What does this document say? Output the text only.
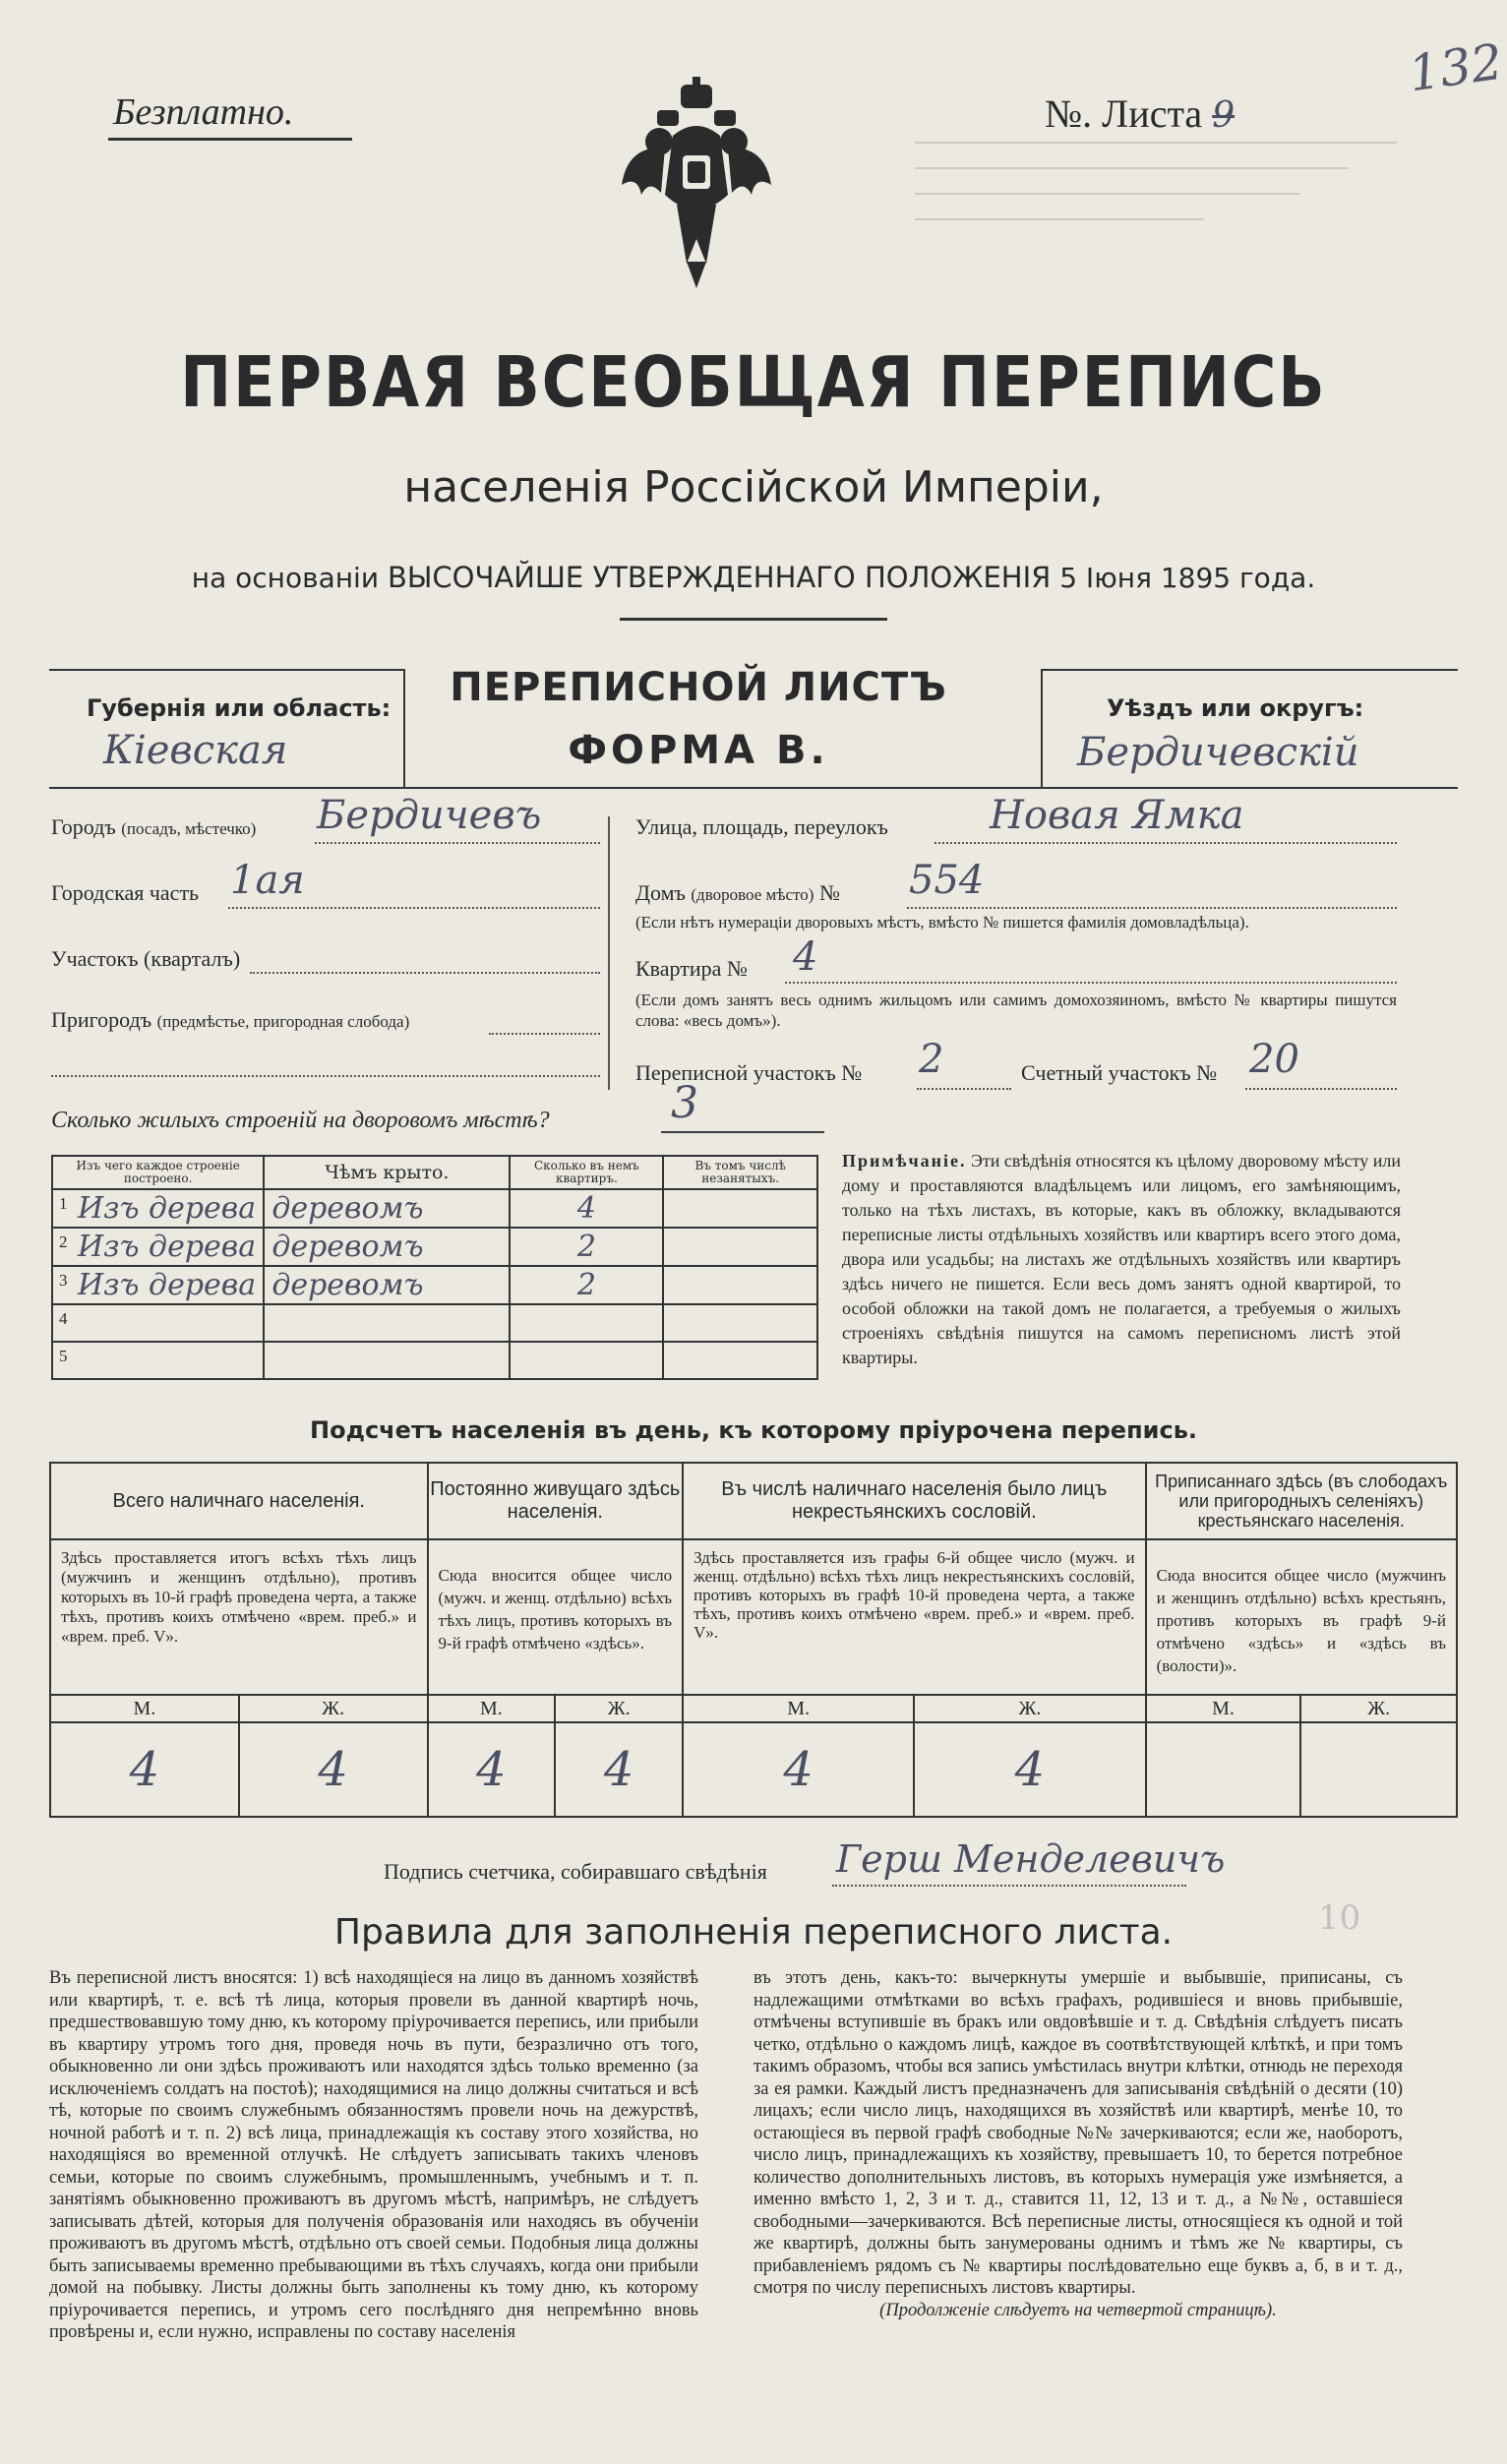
Безплатно.	№. Листа 9
132
ПЕРВАЯ ВСЕОБЩАЯ ПЕРЕПИСЬ
населенія Россійской Имперіи,
на основаніи ВЫСОЧАЙШЕ УТВЕРЖДЕННАГО ПОЛОЖЕНІЯ 5 Іюня 1895 года.
Губернія или область:
Кіевская
ПЕРЕПИСНОЙ ЛИСТЪ
ФОРМА В.
Уѣздъ или округъ:
Бердичевскій
Городъ (посадъ, мѣстечко) Бердичевъ
Городская часть 1ая
Участокъ (кварталъ)
Пригородъ (предмѣстье, пригородная слобода)
Улица, площадь, переулокъ	Новая Ямка
Домъ (дворовое мѣсто) № 554
(Если нѣтъ нумераціи дворовыхъ мѣстъ, вмѣсто № пишется фамилія домовладѣльца).
Квартира № 4
(Если домъ занятъ весь однимъ жильцомъ или самимъ домохозяиномъ, вмѣсто № квартиры пишутся слова: «весь домъ»).
Переписной участокъ № 2	Счетный участокъ № 20
Сколько жилыхъ строеній на дворовомъ мѣстѣ?	3
Изъ чего каждое строеніе построено.	Чѣмъ крыто.	Сколько въ немъ квартиръ.	Въ томъ числѣ незанятыхъ.

1 Изъ дерева	деревомъ	4	

2 Изъ дерева	деревомъ	2	

3 Изъ дерева	деревомъ	2	

4			

5			

Примѣчаніе. Эти свѣдѣнія относятся къ цѣлому дворовому мѣсту или дому и проставляются владѣльцемъ или лицомъ, его замѣняющимъ, только на тѣхъ листахъ, въ которые, какъ въ обложку, вкладываются переписные листы отдѣльныхъ хозяйствъ или квартиръ всего этого дома, двора или усадьбы; на листахъ же отдѣльныхъ хозяйствъ или квартиръ здѣсь ничего не пишется. Если весь домъ занятъ одной квартирой, то особой обложки на такой домъ не полагается, а требуемыя о жилыхъ строеніяхъ свѣдѣнія пишутся на самомъ переписномъ листѣ этой квартиры.
Подсчетъ населенія въ день, къ которому пріурочена перепись.
Всего наличнаго населенія.		Постоянно живущаго здѣсь населенія.		Въ числѣ наличнаго населенія было лицъ некрестьянскихъ сословій.		Приписаннаго здѣсь (въ слободахъ или пригородныхъ селеніяхъ) крестьянскаго населенія.	
Здѣсь проставляется итогъ всѣхъ тѣхъ лицъ (мужчинъ и женщинъ отдѣльно), противъ которыхъ въ 10-й графѣ проведена черта, а также тѣхъ, противъ коихъ отмѣчено «врем. преб.» и «врем. преб. V».		Сюда вносится общее число (мужч. и женщ. отдѣльно) всѣхъ тѣхъ лицъ, противъ которыхъ въ 9-й графѣ отмѣчено «здѣсь».		Здѣсь проставляется изъ графы 6-й общее число (мужч. и женщ. отдѣльно) всѣхъ тѣхъ лицъ некрестьянскихъ сословій, противъ которыхъ въ графѣ 10-й проведена черта, а также тѣхъ, противъ коихъ отмѣчено «врем. преб.» и «врем. преб. V».		Сюда вносится общее число (мужчинъ и женщинъ отдѣльно) всѣхъ крестьянъ, противъ которыхъ въ графѣ 9-й отмѣчено «здѣсь» и «здѣсь въ (волости)».	
М.	Ж.	М.	Ж.	М.	Ж.	М.	Ж.
4	4	4	4	4	4		
Подпись счетчика, собиравшаго свѣдѣнія Герш Менделевичъ
Правила для заполненія переписного листа.
Въ переписной листъ вносятся: 1) всѣ находящіеся на лицо въ данномъ хозяйствѣ или квартирѣ, т. е. всѣ тѣ лица, которыя провели въ данной квартирѣ ночь, предшествовавшую тому дню, къ которому пріурочивается перепись, или прибыли въ квартиру утромъ того дня, проведя ночь въ пути, безразлично отъ того, обыкновенно ли они здѣсь проживаютъ или находятся здѣсь только временно (за исключеніемъ солдатъ на постоѣ); находящимися на лицо должны считаться и всѣ тѣ, которые по своимъ служебнымъ обязанностямъ провели ночь на дежурствѣ, ночной работѣ и т. п. 2) всѣ лица, принадлежащія къ составу этого хозяйства, но находящіяся во временной отлучкѣ. Не слѣдуетъ записывать такихъ членовъ семьи, которые по своимъ служебнымъ, промышленнымъ, учебнымъ и т. п. занятіямъ обыкновенно проживаютъ въ другомъ мѣстѣ, напримѣръ, не слѣдуетъ записывать дѣтей, которыя для полученія образованія или находясь въ обученіи проживаютъ въ другомъ мѣстѣ, отдѣльно отъ своей семьи. Подобныя лица должны быть записываемы временно пребывающими въ тѣхъ случаяхъ, когда они прибыли домой на побывку. Листы должны быть заполнены къ тому дню, къ которому пріурочивается перепись, и утромъ сего послѣдняго дня непремѣнно вновь провѣрены и, если нужно, исправлены по составу населенія
въ этотъ день, какъ-то: вычеркнуты умершіе и выбывшіе, приписаны, съ надлежащими отмѣтками во всѣхъ графахъ, родившіеся и вновь прибывшіе, отмѣчены вступившіе въ бракъ или овдовѣвшіе и т. д. Свѣдѣнія слѣдуетъ писать четко, отдѣльно о каждомъ лицѣ, каждое въ соотвѣтствующей клѣткѣ, и при томъ такимъ образомъ, чтобы вся запись умѣстилась внутри клѣтки, отнюдь не переходя за ея рамки. Каждый листъ предназначенъ для записыванія свѣдѣній о десяти (10) лицахъ; если число лицъ, находящихся въ хозяйствѣ или квартирѣ, менѣе 10, то остающіеся въ первой графѣ свободные №№ зачеркиваются; если же, наоборотъ, число лицъ, принадлежащихъ къ хозяйству, превышаетъ 10, то берется потребное количество дополнительныхъ листовъ, въ которыхъ нумерація уже измѣняется, а именно вмѣсто 1, 2, 3 и т. д., ставится 11, 12, 13 и т. д., а №№, оставшіеся свободными—зачеркиваются. Всѣ переписные листы, относящіеся къ одной и той же квартирѣ, должны быть занумерованы однимъ и тѣмъ же № квартиры, съ прибавленіемъ рядомъ съ № квартиры послѣдовательно еще буквъ а, б, в и т. д., смотря по числу переписныхъ листовъ квартиры.
(Продолженіе слѣдуетъ на четвертой страницѣ).
10
